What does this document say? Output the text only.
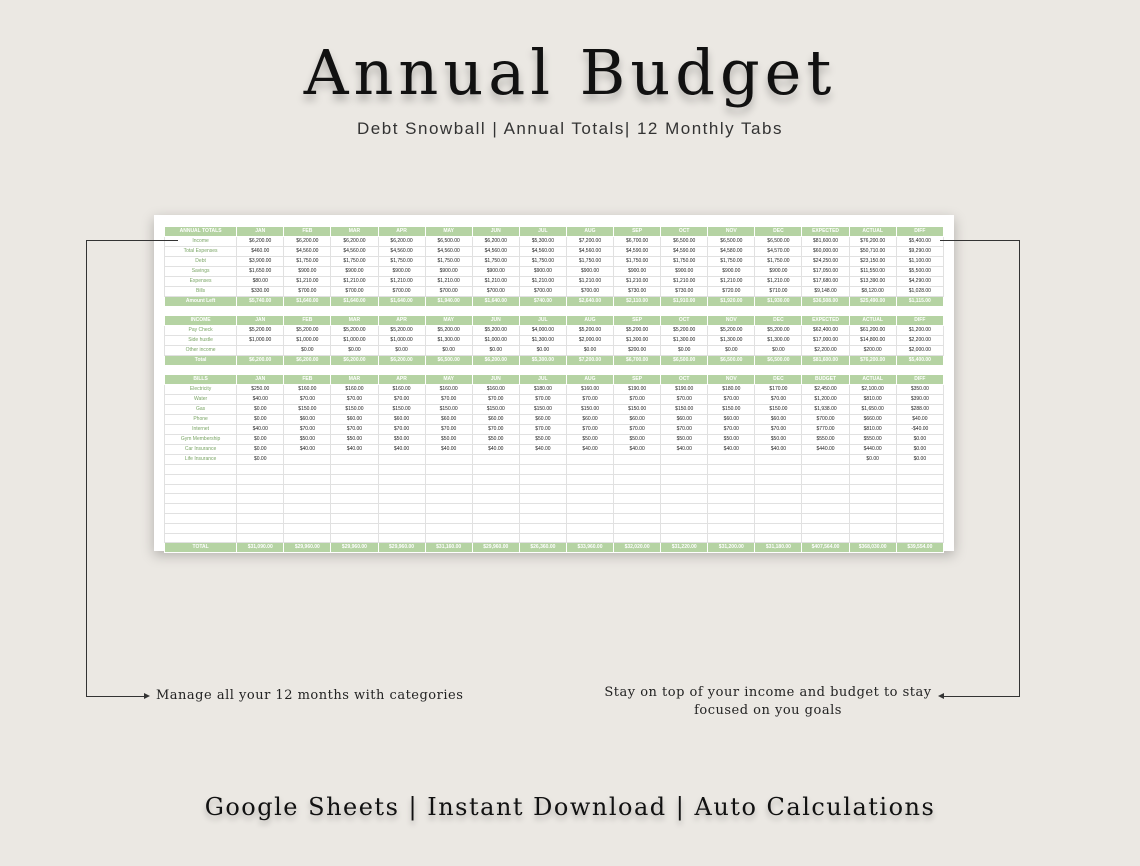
Annual Budget
Debt Snowball | Annual Totals| 12 Monthly Tabs
ANNUAL TOTALS	JAN	FEB	MAR	APR	MAY	JUN	JUL	AUG	SEP	OCT	NOV	DEC	EXPECTED	ACTUAL	DIFF
Income	$6,200.00	$6,200.00	$6,200.00	$6,200.00	$6,500.00	$6,200.00	$5,300.00	$7,200.00	$6,700.00	$6,500.00	$6,500.00	$6,500.00	$81,600.00	$76,200.00	$5,400.00
Total Expenses	$460.00	$4,560.00	$4,560.00	$4,560.00	$4,560.00	$4,560.00	$4,560.00	$4,560.00	$4,590.00	$4,590.00	$4,580.00	$4,570.00	$60,000.00	$50,710.00	$9,290.00
Debt	$3,900.00	$1,750.00	$1,750.00	$1,750.00	$1,750.00	$1,750.00	$1,750.00	$1,750.00	$1,750.00	$1,750.00	$1,750.00	$1,750.00	$24,250.00	$23,150.00	$1,100.00
Savings	$1,650.00	$900.00	$900.00	$900.00	$900.00	$900.00	$900.00	$900.00	$900.00	$900.00	$900.00	$900.00	$17,050.00	$11,550.00	$5,500.00
Expenses	$80.00	$1,210.00	$1,210.00	$1,210.00	$1,210.00	$1,210.00	$1,210.00	$1,210.00	$1,210.00	$1,210.00	$1,210.00	$1,210.00	$17,680.00	$13,390.00	$4,290.00
Bills	$330.00	$700.00	$700.00	$700.00	$700.00	$700.00	$700.00	$700.00	$730.00	$730.00	$720.00	$710.00	$9,148.00	$8,120.00	$1,028.00
Amount Left	$5,740.00	$1,640.00	$1,640.00	$1,640.00	$1,940.00	$1,640.00	$740.00	$2,640.00	$2,110.00	$1,910.00	$1,920.00	$1,930.00	$36,508.00	$25,490.00	$1,115.00
INCOME	JAN	FEB	MAR	APR	MAY	JUN	JUL	AUG	SEP	OCT	NOV	DEC	EXPECTED	ACTUAL	DIFF
Pay Check	$5,200.00	$5,200.00	$5,200.00	$5,200.00	$5,200.00	$5,200.00	$4,000.00	$5,200.00	$5,200.00	$5,200.00	$5,200.00	$5,200.00	$62,400.00	$61,200.00	$1,200.00
Side hustle	$1,000.00	$1,000.00	$1,000.00	$1,000.00	$1,300.00	$1,000.00	$1,300.00	$2,000.00	$1,300.00	$1,300.00	$1,300.00	$1,300.00	$17,000.00	$14,800.00	$2,200.00
Other income		$0.00	$0.00	$0.00	$0.00	$0.00	$0.00	$0.00	$200.00	$0.00	$0.00	$0.00	$2,200.00	$200.00	$2,000.00
Total	$6,200.00	$6,200.00	$6,200.00	$6,200.00	$6,500.00	$6,200.00	$5,300.00	$7,200.00	$6,700.00	$6,500.00	$6,500.00	$6,500.00	$81,600.00	$76,200.00	$5,400.00
BILLS	JAN	FEB	MAR	APR	MAY	JUN	JUL	AUG	SEP	OCT	NOV	DEC	BUDGET	ACTUAL	DIFF
Electricity	$250.00	$160.00	$160.00	$160.00	$160.00	$160.00	$180.00	$160.00	$190.00	$190.00	$180.00	$170.00	$2,450.00	$2,100.00	$350.00
Water	$40.00	$70.00	$70.00	$70.00	$70.00	$70.00	$70.00	$70.00	$70.00	$70.00	$70.00	$70.00	$1,200.00	$810.00	$390.00
Gas	$0.00	$150.00	$150.00	$150.00	$150.00	$150.00	$150.00	$150.00	$150.00	$150.00	$150.00	$150.00	$1,938.00	$1,650.00	$288.00
Phone	$0.00	$60.00	$60.00	$60.00	$60.00	$60.00	$60.00	$60.00	$60.00	$60.00	$60.00	$60.00	$700.00	$660.00	$40.00
Internet	$40.00	$70.00	$70.00	$70.00	$70.00	$70.00	$70.00	$70.00	$70.00	$70.00	$70.00	$70.00	$770.00	$810.00	-$40.00
Gym Membership	$0.00	$50.00	$50.00	$50.00	$50.00	$50.00	$50.00	$50.00	$50.00	$50.00	$50.00	$50.00	$550.00	$550.00	$0.00
Car Insurance	$0.00	$40.00	$40.00	$40.00	$40.00	$40.00	$40.00	$40.00	$40.00	$40.00	$40.00	$40.00	$440.00	$440.00	$0.00
Life Insurance	$0.00													$0.00	$0.00

TOTAL	$31,090.00	$29,960.00	$29,960.00	$29,960.00	$31,160.00	$29,960.00	$26,360.00	$33,960.00	$32,020.00	$31,220.00	$31,200.00	$31,180.00	$407,564.00	$368,030.00	$39,554.00
Manage all your 12 months with categories	Stay on top of your income and budget to stay focused on you goals
Google Sheets | Instant Download | Auto Calculations
